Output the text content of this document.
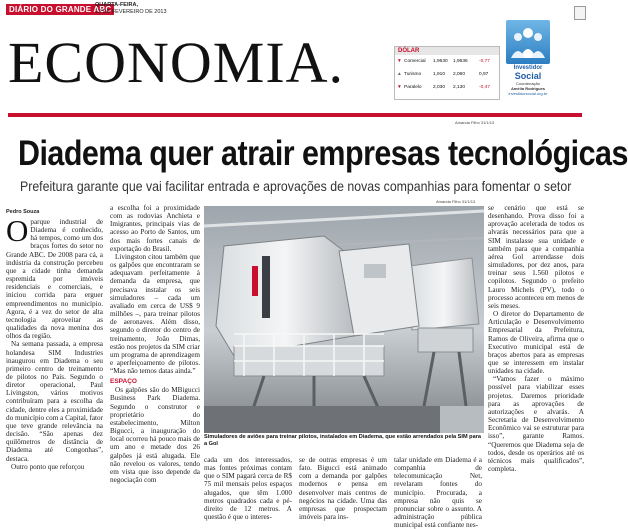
DIÁRIO DO GRANDE ABC
QUARTA-FEIRA,
13 DE FEVEREIRO DE 2013
ECONOMIA.	DÓLAR
▼ Comercial 1,9630 1,9636 -0,77
▲ Turismo 1,910 2,060	0,97
▼ Paralelo 2,030 2,130	-0,47
Investidor
Social
Coordenação
Amélia Rodrigues
investidorsocial.org.br
Amanda Filho 31/1/13
Diadema quer atrair empresas tecnológicas
Prefeitura garante que vai facilitar entrada e aprovações de novas companhias para fomentar o setor
Pedro Souza

Oparque industrial de Diadema é conhecido, há tempos, como um dos braços fortes do setor no Grande ABC. De 2008 para cá, a indústria da construção percebeu que a cidade tinha demanda espremida por imóveis residenciais e comerciais, e iniciou corrida para erguer empreendimentos no município. Agora, é a vez do setor de alta tecnologia aproveitar as qualidades da nova menina dos olhos da região.

Na semana passada, a empresa holandesa SIM Industries inaugurou em Diadema o seu primeiro centro de treinamento de pilotos no País. Segundo o diretor operacional, Paul Livingston, vários motivos contribuíram para a escolha da cidade, dentre eles a proximidade do município com a Capital, fator que teve grande relevância na decisão. “São apenas dez quilômetros de distância de Diadema até Congonhas”, destaca.

Outro ponto que reforçou

a escolha foi a proximidade com as rodovias Anchieta e Imigrantes, principais vias de acesso ao Porto de Santos, um dos mais fortes canais de exportação do Brasil.

Livingston citou também que os galpões que encontraram se adequavam perfeitamente à demanda da empresa, que precisava instalar os seis simuladores – cada um avaliado em cerca de US$ 9 milhões –, para treinar pilotos de aeronaves. Além disso, segundo o diretor do centro de treinamento, João Dimas, estão nos projetos da SIM criar um programa de aprendizagem e aperfeiçoamento de pilotos. “Mas não temos datas ainda.”

ESPAÇO

Os galpões são do MBigucci Business Park Diadema. Segundo o construtor e proprietário do estabelecimento, Milton Bigucci, a inauguração do local ocorreu há pouco mais de um ano e metade dos 26 galpões já está alugada. Ele não revelou os valores, tendo em vista que isso depende da negociação com

Amanda Filho 31/1/13
Simuladores de aviões para treinar pilotos, instalados em Diadema, que estão arrendados pela SIM para a Gol

cada um dos interessados, mas fontes próximas contam que o SIM pagará cerca de R$ 75 mil mensais pelos espaços alugados, que têm 1.000 metros quadrados cada e pé-direito de 12 metros. A questão é que o interes-

se de outras empresas é um fato. Bigucci está animado com a demanda por galpões modernos e pensa em desenvolver mais centros de negócios na cidade. Uma das empresas que prospectam imóveis para ins-

talar unidade em Diadema é a companhia de telecomunicação Net, revelaram fontes do município. Procurada, a empresa não quis se pronunciar sobre o assunto. A administração pública municipal está confiante nes-

se cenário que está se desenhando. Prova disso foi a aprovação acelerada de todos os alvarás necessários para que a SIM instalasse sua unidade e também para que a companhia aérea Gol arrendasse dois simuladores, por dez anos, para treinar seus 1.560 pilotos e copilotos. Segundo o prefeito Lauro Michels (PV), todo o processo aconteceu em menos de seis meses.

O diretor do Departamento de Articulação e Desenvolvimento Empresarial da Prefeitura, Ramos de Oliveira, afirma que o Executivo municipal está de braços abertos para as empresas que se interessem em instalar unidades na cidade.

“Vamos fazer o máximo possível para viabilizar esses projetos. Daremos prioridade para as aprovações de autorizações e alvarás. A Secretaria de Desenvolvimento Econômico vai se estruturar para isso”, garante Ramos. “Queremos que Diadema seja de todos, desde os operários até os técnicos mais qualificados”, completa.
